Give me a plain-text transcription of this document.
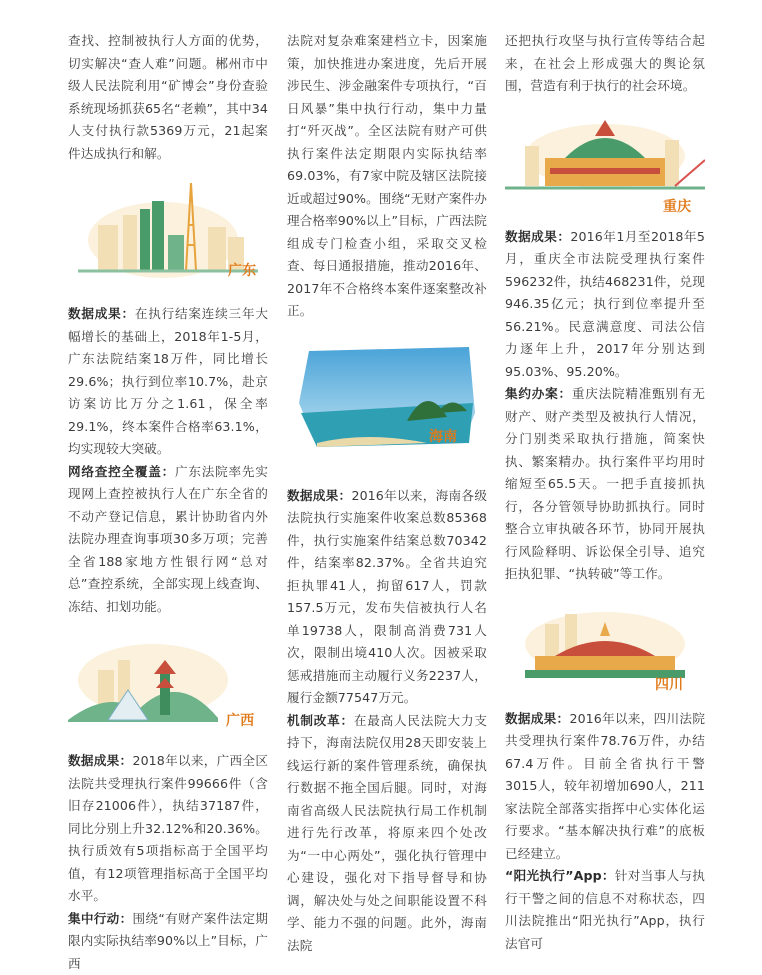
查找、控制被执行人方面的优势，切实解决“查人难”问题。郴州市中级人民法院利用“矿博会”身份查验系统现场抓获65名“老赖”，其中34人支付执行款5369万元，21起案件达成执行和解。

广东

数据成果：在执行结案连续三年大幅增长的基础上，2018年1-5月，广东法院结案18万件，同比增长29.6%；执行到位率10.7%，赴京访案访比万分之1.61，保全率29.1%，终本案件合格率63.1%，均实现较大突破。

网络查控全覆盖：广东法院率先实现网上查控被执行人在广东全省的不动产登记信息，累计协助省内外法院办理查询事项30多万项；完善全省188家地方性银行网“总对总”查控系统，全部实现上线查询、冻结、扣划功能。

广西

数据成果：2018年以来，广西全区法院共受理执行案件99666件（含旧存21006件），执结37187件，同比分别上升32.12%和20.36%。执行质效有5项指标高于全国平均值，有12项管理指标高于全国平均水平。

集中行动：围绕“有财产案件法定期限内实际执结率90%以上”目标，广西

法院对复杂难案建档立卡，因案施策，加快推进办案进度，先后开展涉民生、涉金融案件专项执行，“百日风暴”集中执行行动，集中力量打“歼灭战”。全区法院有财产可供执行案件法定期限内实际执结率69.03%，有7家中院及辖区法院接近或超过90%。围绕“无财产案件办理合格率90%以上”目标，广西法院组成专门检查小组，采取交叉检查、每日通报措施，推动2016年、2017年不合格终本案件逐案整改补正。

海南

数据成果：2016年以来，海南各级法院执行实施案件收案总数85368件，执行实施案件结案总数70342件，结案率82.37%。全省共迫究拒执罪41人，拘留617人，罚款157.5万元，发布失信被执行人名单19738人，限制高消费731人次，限制出境410人次。因被采取惩戒措施而主动履行义务2237人，履行金额77547万元。

机制改革：在最高人民法院大力支持下，海南法院仅用28天即安装上线运行新的案件管理系统，确保执行数据不拖全国后腿。同时，对海南省高级人民法院执行局工作机制进行先行改革，将原来四个处改为“一中心两处”，强化执行管理中心建设，强化对下指导督导和协调，解决处与处之间职能设置不科学、能力不强的问题。此外，海南法院

还把执行攻坚与执行宣传等结合起来，在社会上形成强大的舆论氛围，营造有利于执行的社会环境。

重庆

数据成果：2016年1月至2018年5月，重庆全市法院受理执行案件596232件，执结468231件，兑现946.35亿元；执行到位率提升至56.21%。民意满意度、司法公信力逐年上升，2017年分别达到95.03%、95.20%。

集约办案：重庆法院精准甄别有无财产、财产类型及被执行人情况，分门别类采取执行措施，简案快执、繁案精办。执行案件平均用时缩短至65.5天。一把手直接抓执行，各分管领导协助抓执行。同时整合立审执破各环节，协同开展执行风险释明、诉讼保全引导、追究拒执犯罪、“执转破”等工作。

四川

数据成果：2016年以来，四川法院共受理执行案件78.76万件，办结67.4万件。目前全省执行干警3015人，较年初增加690人，211家法院全部落实指挥中心实体化运行要求。“基本解决执行难”的底板已经建立。

“阳光执行”App：针对当事人与执行干警之间的信息不对称状态，四川法院推出“阳光执行”App，执行法官可
